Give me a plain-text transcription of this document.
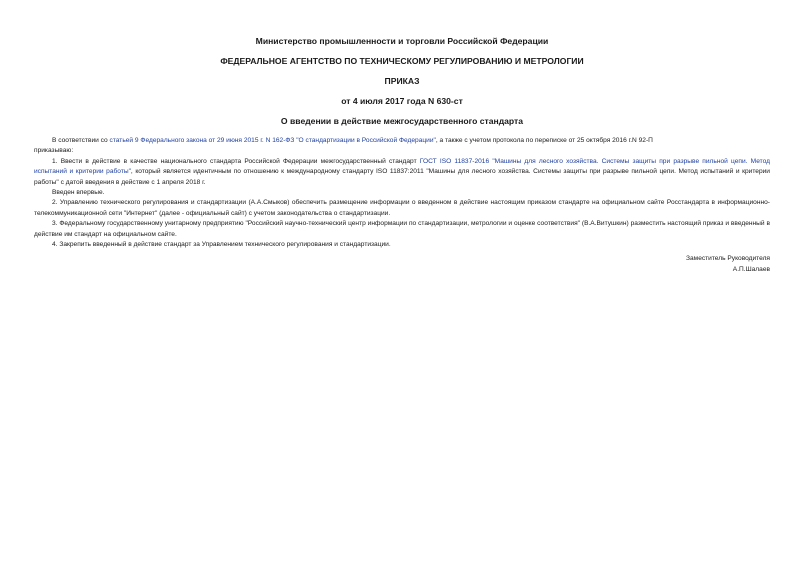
Министерство промышленности и торговли Российской Федерации

ФЕДЕРАЛЬНОЕ АГЕНТСТВО ПО ТЕХНИЧЕСКОМУ РЕГУЛИРОВАНИЮ И МЕТРОЛОГИИ

ПРИКАЗ

от 4 июля 2017 года N 630-ст

О введении в действие межгосударственного стандарта

В соответствии со статьей 9 Федерального закона от 29 июня 2015 г. N 162-ФЗ "О стандартизации в Российской Федерации", а также с учетом протокола по переписке от 25 октября 2016 г.N 92-П

приказываю:

1. Ввести в действие в качестве национального стандарта Российской Федерации межгосударственный стандарт ГОСТ ISO 11837-2016 "Машины для лесного хозяйства. Системы защиты при разрыве пильной цепи. Метод испытаний и критерии работы", который является идентичным по отношению к международному стандарту ISO 11837:2011 "Машины для лесного хозяйства. Системы защиты при разрыве пильной цепи. Метод испытаний и критерии работы" с датой введения в действие с 1 апреля 2018 г.

Введен впервые.

2. Управлению технического регулирования и стандартизации (А.А.Смыков) обеспечить размещение информации о введенном в действие настоящим приказом стандарте на официальном сайте Росстандарта в информационно-телекоммуникационной сети "Интернет" (далее - официальный сайт) с учетом законодательства о стандартизации.

3. Федеральному государственному унитарному предприятию "Российский научно-технический центр информации по стандартизации, метрологии и оценке соответствия" (В.А.Витушкин) разместить настоящий приказ и введенный в действие им стандарт на официальном сайте.

4. Закрепить введенный в действие стандарт за Управлением технического регулирования и стандартизации.

Заместитель Руководителя
А.П.Шалаев
